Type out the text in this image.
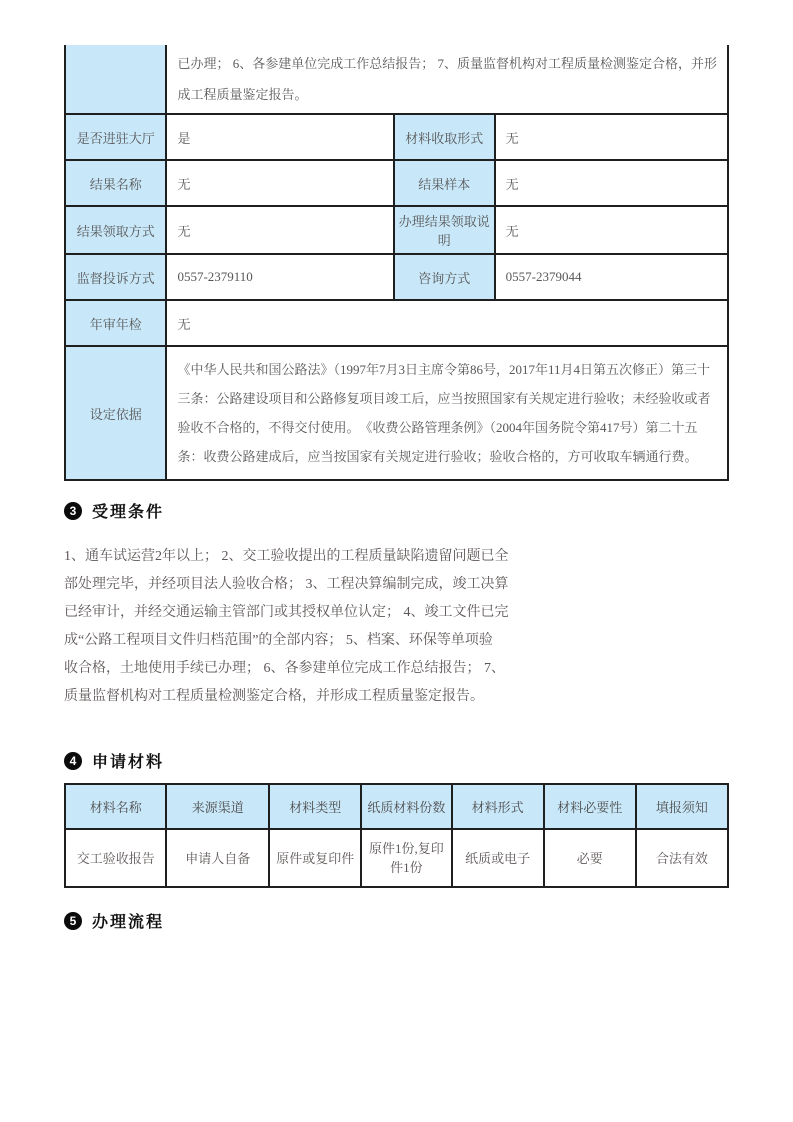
	已办理； 6、各参建单位完成工作总结报告； 7、质量监督机构对工程质量检测鉴定合格，并形成工程质量鉴定报告。		
是否进驻大厅	是	材料收取形式	无
结果名称	无	结果样本	无
结果领取方式	无	办理结果领取说明	无
监督投诉方式	0557-2379110	咨询方式	0557-2379044
年审年检	无		
设定依据	《中华人民共和国公路法》（1997年7月3日主席令第86号，2017年11月4日第五次修正）第三十三条：公路建设项目和公路修复项目竣工后，应当按照国家有关规定进行验收；未经验收或者验收不合格的，不得交付使用。　《收费公路管理条例》（2004年国务院令第417号）第二十五条：收费公路建成后，应当按国家有关规定进行验收；验收合格的，方可收取车辆通行费。		
3 受理条件
1、通车试运营2年以上； 2、交工验收提出的工程质量缺陷遗留问题已全
部处理完毕，并经项目法人验收合格； 3、工程决算编制完成，竣工决算
已经审计，并经交通运输主管部门或其授权单位认定； 4、竣工文件已完
成“公路工程项目文件归档范围”的全部内容； 5、档案、环保等单项验
收合格，土地使用手续已办理； 6、各参建单位完成工作总结报告； 7、
质量监督机构对工程质量检测鉴定合格，并形成工程质量鉴定报告。
4 申请材料
材料名称	来源渠道	材料类型	纸质材料份数	材料形式	材料必要性	填报须知
交工验收报告	申请人自备	原件或复印件	原件1份,复印件1份	纸质或电子	必要	合法有效
5 办理流程
